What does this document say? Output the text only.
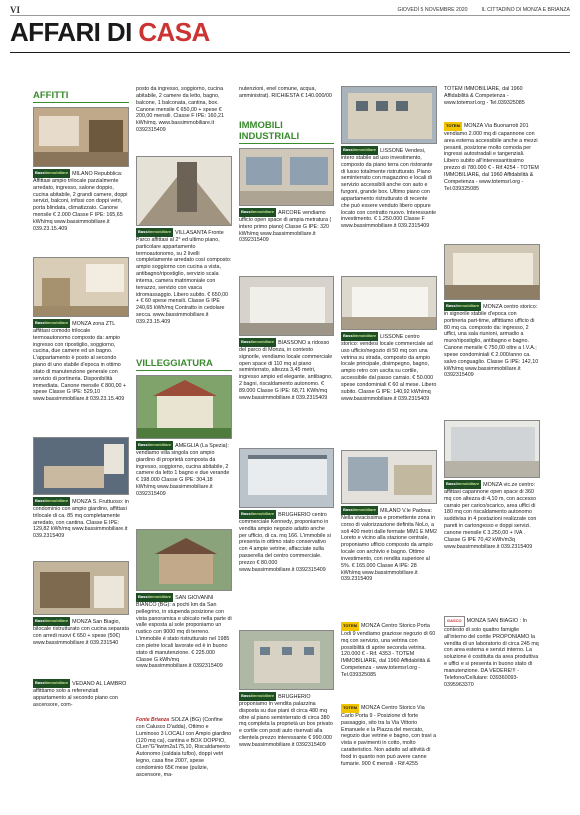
VI	GIOVEDÌ 5 NOVEMBRE 2020	IL CITTADINO DI MONZA E BRIANZA
AFFARI DI CASA
AFFITTI
Bassiimmobiliare MILANO Repubblica: Affittasi ampio trilocale parzialmente arredato, ingresso, salone doppio, cucina abitabile, 2 grandi camere, doppi servizi, balconi, infissi con doppi vetri, porta blindata, climatizzato. Canone mensile € 2.000 Classe F IPE: 165,65 kWh/mq www.bassimmobiliare.it 039.23.15.409
Bassiimmobiliare MONZA zona ZTL affittasi comodo trilocale termoautonomo composto da: ampio ingresso con ripostiglio, soggiorno, cucina, due camere ed un bagno. L'appartamento è posto al secondo piano di uno stabile d'epoca in ottimo stato di manutenzione generale con servizio di portineria. Disponibilità immediata. Canone mensile € 800,00 + spese Classe G IPE: 529,10 www.bassimmobiliare.it 039.23.15.409
Bassiimmobiliare MONZA S. Fruttuoso: in condominio con ampio giardino, affittasi trilocale di ca. 85 mq completamente arredato, con cantina. Classe E IPE: 129,82 kWh/mq www.bassimmobiliare.it 039.2315409
Bassiimmobiliare MONZA San Biagio, bilocale ristrutturato con cucina separata con arredi nuovi € 650 + spese (50€) www.bassimmobiliare.it 039.231540
Bassiimmobiliare VEDANO AL LAMBRO affittiamo solo a referenziati appartamento al secondo piano con ascensore, com-
posto da ingresso, soggiorno, cucina abitabile, 2 camere da letto, bagno, balcone, 1 balconata, cantina, box. Canone mensile € 650,00 + spese € 200,00 mensili. Classe F IPE: 160,21 kWh/mq. www.bassimmobiliare.it 0392315409
Bassiimmobiliare VILLASANTA Fronte Parco affittasi al 2° ed ultimo piano, particolare appartamento termoautonomo, su 2 livelli completamente arredato così composto: ampio soggiorno con cucina a vista, antibagno/ripostiglio, servizio scala interna, camera matrimoniale con terrazzo, servizio con vasca idromassaggio. Libero subito. € 650,00 + € 60 spese mensili. Classe G IPE 240,65 kWh/mq Contratto in cedolare secca. www.bassimmobiliare.it 039.23.15.409
VILLEGGIATURA
Bassiimmobiliare AMEGLIA (La Spezia): vendiamo villa singola con ampio giardino di proprietà composta da ingresso, soggiorno, cucina abitabile, 2 camere da letto 1 bagno e due verande € 198.000 Classe G IPE: 304,18 kWh/mq www.bassimmobiliare.it 0392315409
Bassiimmobiliare SAN GIOVANNI BIANCO (BG): a pochi km da San pellegrino, in stupenda posizione con vista panoramica e ubicato nella parte di valle esposta al sole proponiamo un rustico con 9000 mq di terreno. L'immobile è stato ristrutturato nel 1985 con pietre locali lavorate ed è in buono stato di manutenzione. € 225.000 Classe G kWh/mq www.bassimmobiliare.it 0392315409
Fonte Brianza SOLZA (BG) (Confine con Calusco D'adda), Ottimo e Luminoso 3 LOCALI con Ampio giardino (120 mq ca), cantina e BOX DOPPIO, CLen"G"kwtm2a175,10, Riscaldamento Autonomo (caldaia tufbo), doppi vetri legno, casa fine 2007, spese condominio 65€ mese (pulizie, ascensore, ma-
nutenzioni, enel comune, acqua, amministrat). RICHIESTA € 140.000/00
IMMOBILI INDUSTRIALI
Bassiimmobiliare ARCORE vendiamo ufficio open space di ampia metratura ( intero primo piano) Classe G IPE: 320 kWh/mq www.bassimmobiliare.it 0392315409
Bassiimmobiliare BIASSONO a ridosso del parco di Monza, in contesto signorile, vendiamo locale commerciale open space di 110 mq al piano seminterrato, altezza 3,45 metri, ingresso ampio ed elegante, antibagno, 2 bagni, riscaldamento autonomo. € 89.000 Classe G IPE: 68,71 KWh/mq www.bassimmobiliare.it 039.2315409
Bassiimmobiliare BRUGHERIO centro commerciale Kennedy, proponiamo in vendita ampio negozio adatto anche per ufficio, di ca. mq 166. L'immobile si presenta in ottimo stato conservativo con 4 ampie vetrine, affacciate sulla passerella del centro commerciale. prezzo € 80.000 www.bassimmobiliare.it 0392315409
Bassiimmobiliare BRUGHERIO proponiamo in vendita palazzina disposta su due piani di circa 480 mq oltre al piano seminterrato di circa 380 mq completa la proprietà un box privato e cortile con posti auto riservati alla clientela prezzo interessante € 990.000 www.bassimmobiliare.it 0392315409
Bassiimmobiliare LISSONE Vendesi, intero stabile ad uso investimento, composto da piano terra con ristorante di lusso totalmente ristrutturato. Piano seminterrato con magazzino e locali di servizio accessibili anche con auto e furgoni, grande box. Ultimo piano con appartamento ristrutturato di recente che può essere venduto libero oppure locato con contratto nuovo. Interessante investimento. € 1.250.000 Classe F www.bassimmobiliare.it 039.2315409
Bassiimmobiliare LISSONE centro storico: vendesi locale commerciale ad uso ufficio/negozio di 50 mq con una vetrina su strada, composto da ampio locale principale, disimpegno, bagno, ampio retro con uscita su cortile, accessibile dal passo carraio. € 50.000 spese condominiali € 60 al mese. Libero subito. Classe G IPE: 140,92 kWh/mq www.bassimmobiliare.it 039.2315409
Bassiimmobiliare MILANO V.le Padova: Nella vivacissima e promettente zona in corso di valorizzazione definita NoLo, a soli 400 metri dalle fermate MM1 E MM2 Loreto e vicino alla stazione centrale, proponiamo ufficio composto da ampio locale con archivio e bagno. Ottimo investimento, con rendita superiore al 5%. € 165.000 Classe A IPE: 28 kWh/mq www.bassimmobiliare.it 039.2315409
TOTEM MONZA Centro Storico Porta Lodi 9 vendiamo graziose negozio di 60 mq con servizio, una vetrina con possibilità di aprire seconda vetrina. 120.000 € - Rif. 4353 - TOTEM IMMOBILIARE, dal 1960 Affidabilità & Competenza - www.totemsrl.org - Tel.039325085
TOTEM MONZA Centro Storico Via Carlo Porta 9 - Posizione di forte passaggio, sito tra la Via Vittorio Emanuele e la Piazza del mercato, negozio due vetrine e bagno, con travi a vista e pavimenti in cotto, molto caratteristico. Non adatto ad attività di food in quanto non può avere canne fumarie. 900 € mensili - Rif.4255
TOTEM IMMOBILIARE, dal 1960 Affidabilità & Competenza - www.totemsrl.org - Tel.039325085
TOTEM MONZA Via Buonarroti 201 vendiamo 2.000 mq di capannone con area esterna accessibile anche a mezzi pesanti, posizione molto comoda per ingressi autostradali e tangenziali. Libero subito all'interessantissimo prezzo di 780.000 € - Rif.4254 - TOTEM IMMOBILIARE, dal 1960 Affidabilità & Competenza - www.totemsrl.org - Tel.039325085
Bassiimmobiliare MONZA centro storico: in signorile stabile d'epoca con portineria part-time, affittiamo ufficio di 80 mq ca. composto da: ingresso, 2 uffici, una sala riunioni, armadio a muro/ripostiglio, antibagno e bagno. Canone mensile € 750,00 oltre a I.V.A.; spese condominiali € 2.000/anno ca. salvo conguaglio. Classe G IPE: 142,10 kWh/mq www.bassimmobiliare.it 0392315409
Bassiimmobiliare MONZA vic.ze centro: affittasi capannone open space di 360 mq con altezza di 4,10 m, con accesso carraio per carico/scarico, area uffici di 180 mq con riscaldamento autonomo suddivisa in 4 postazioni realizzate con pareti in cartongesso e doppi servizi. canone mensile € 3.250,00 + IVA . Classe G IPE 70,42 kWh/m3q www.bassimmobiliare.it 039.2315409
GASCO MONZA SAN BIAGIO : In contesto di solo quattro famiglie all'interno del cortile PROPONIAMO la vendita di un laboratorio di circa 245 mq con area esterna e servizi interno. La soluzione è costituita da area produttiva e uffici e si presenta in buono stato di manutenzione. DA VEDERE!!! - Telefono/Cellulare: 039360093-0395963370
